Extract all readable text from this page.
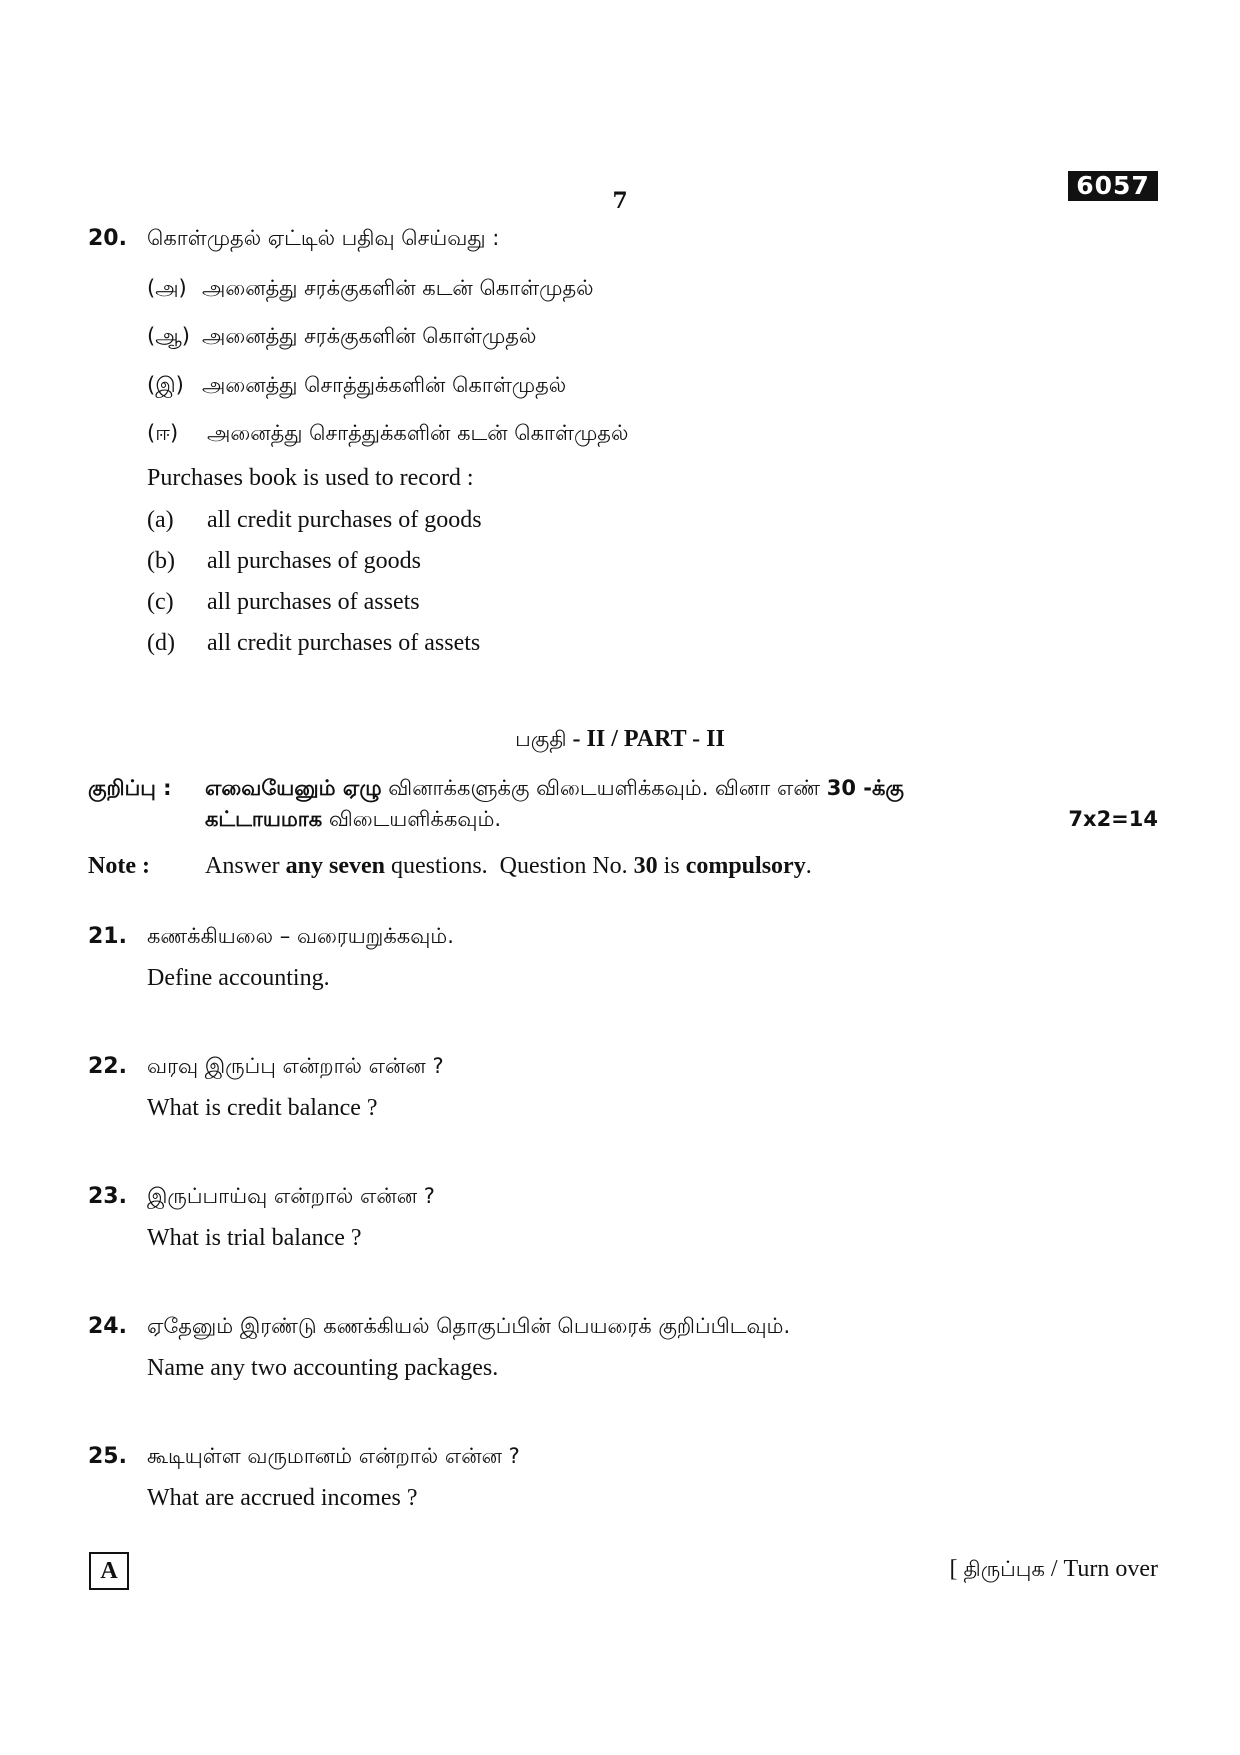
6057
7
20. கொள்முதல் ஏட்டில் பதிவு செய்வது :
(அ) அனைத்து சரக்குகளின் கடன் கொள்முதல்
(ஆ) அனைத்து சரக்குகளின் கொள்முதல்
(இ) அனைத்து சொத்துக்களின் கொள்முதல்
(ஈ)	அனைத்து சொத்துக்களின் கடன் கொள்முதல்
Purchases book is used to record :
(a)	all credit purchases of goods
(b)	all purchases of goods
(c)	all purchases of assets
(d)	all credit purchases of assets
பகுதி - II / PART - II
குறிப்பு :	எவையேனும் ஏழு வினாக்களுக்கு விடையளிக்கவும். வினா எண் 30 -க்கு
கட்டாயமாக விடையளிக்கவும்.	7x2=14
Note :	Answer any seven questions.  Question No. 30 is compulsory.
21. கணக்கியலை – வரையறுக்கவும்.
Define accounting.
22. வரவு இருப்பு என்றால் என்ன ?
What is credit balance ?
23. இருப்பாய்வு என்றால் என்ன ?
What is trial balance ?
24. ஏதேனும் இரண்டு கணக்கியல் தொகுப்பின் பெயரைக் குறிப்பிடவும்.
Name any two accounting packages.
25. கூடியுள்ள வருமானம் என்றால் என்ன ?
What are accrued incomes ?
A	[ திருப்புக / Turn over
